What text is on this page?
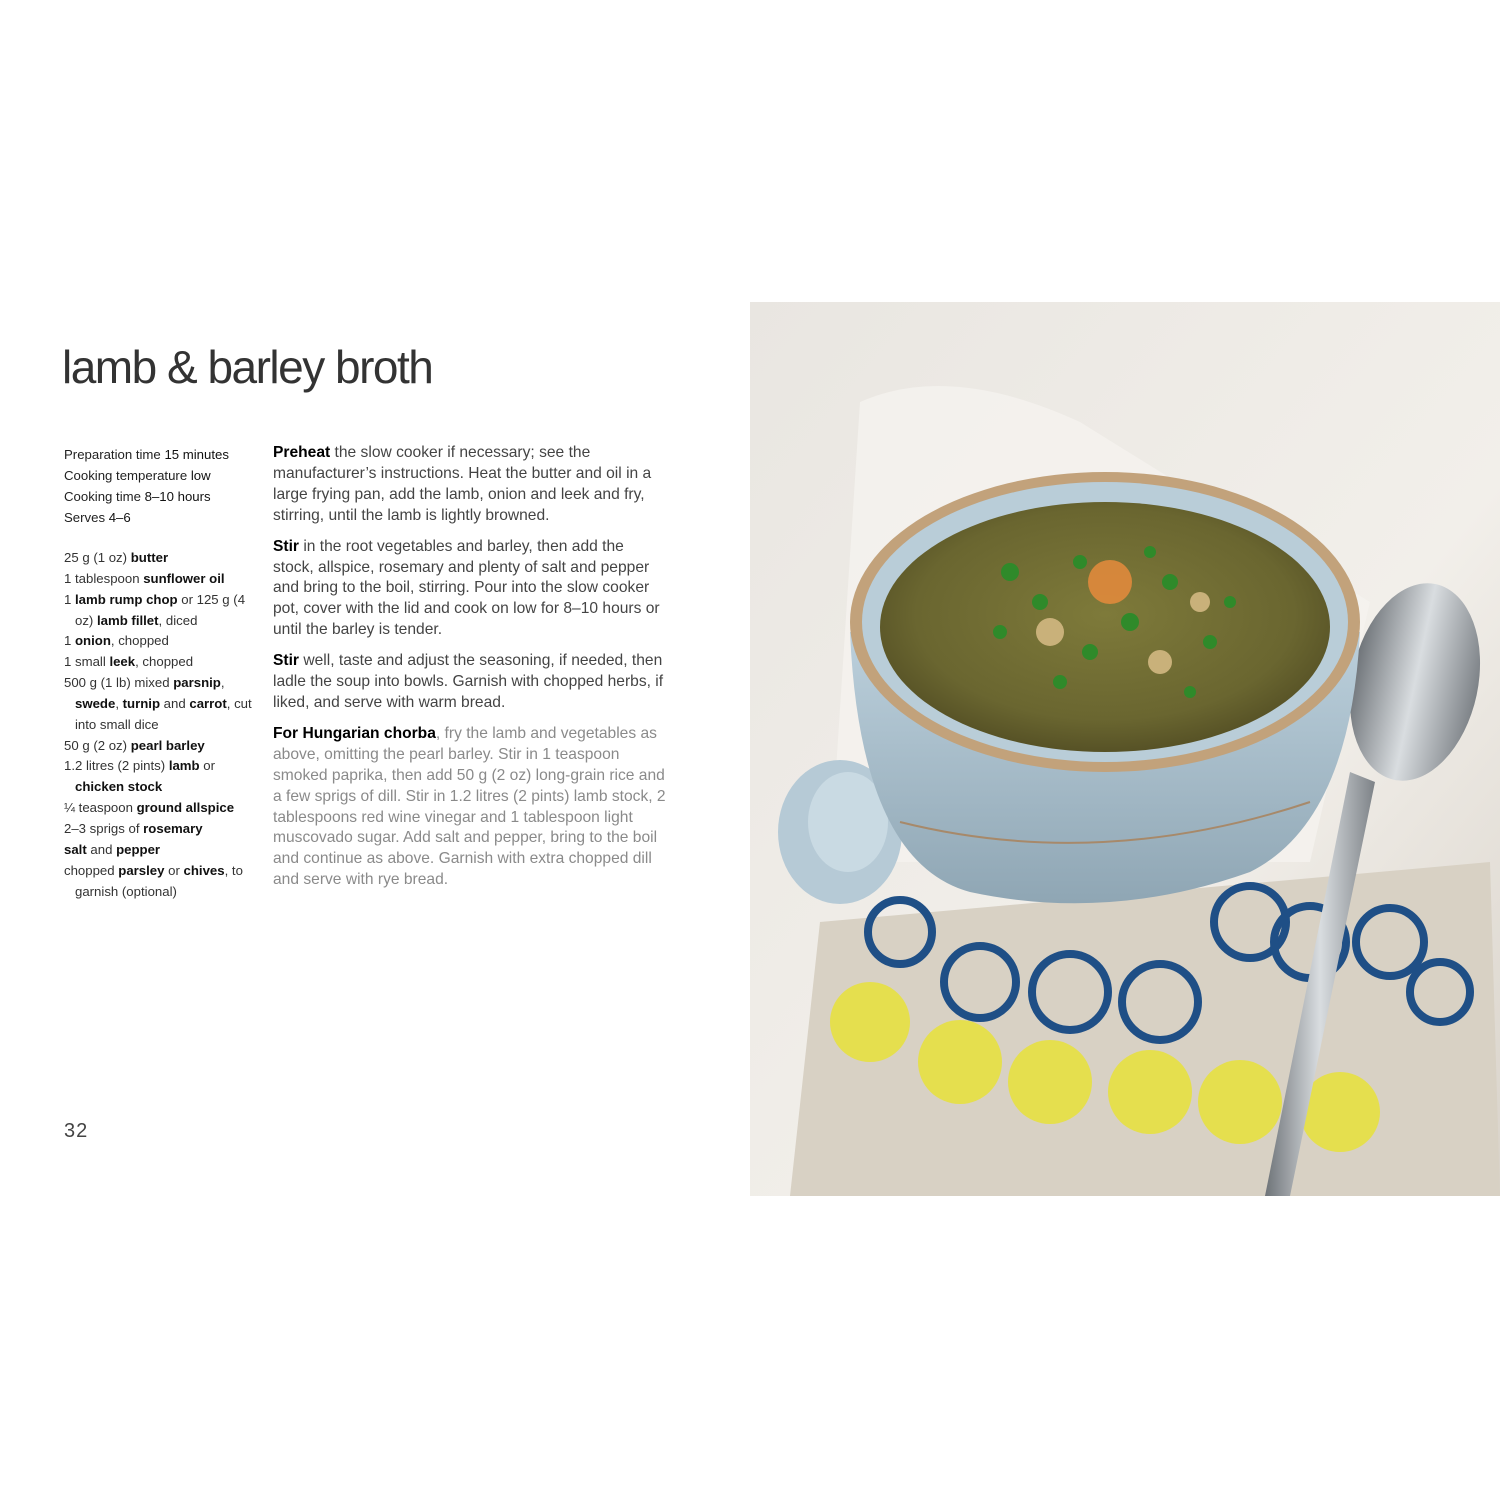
lamb & barley broth
Preparation time 15 minutes
Cooking temperature low
Cooking time 8–10 hours
Serves 4–6
25 g (1 oz) butter
1 tablespoon sunflower oil
1 lamb rump chop or 125 g (4 oz) lamb fillet, diced
1 onion, chopped
1 small leek, chopped
500 g (1 lb) mixed parsnip, swede, turnip and carrot, cut into small dice
50 g (2 oz) pearl barley
1.2 litres (2 pints) lamb or chicken stock
¼ teaspoon ground allspice
2–3 sprigs of rosemary
salt and pepper
chopped parsley or chives, to garnish (optional)

Preheat the slow cooker if necessary; see the manufacturer’s instructions. Heat the butter and oil in a large frying pan, add the lamb, onion and leek and fry, stirring, until the lamb is lightly browned.

Stir in the root vegetables and barley, then add the stock, allspice, rosemary and plenty of salt and pepper and bring to the boil, stirring. Pour into the slow cooker pot, cover with the lid and cook on low for 8–10 hours or until the barley is tender.

Stir well, taste and adjust the seasoning, if needed, then ladle the soup into bowls. Garnish with chopped herbs, if liked, and serve with warm bread.

For Hungarian chorba, fry the lamb and vegetables as above, omitting the pearl barley. Stir in 1 teaspoon smoked paprika, then add 50 g (2 oz) long-grain rice and a few sprigs of dill. Stir in 1.2 litres (2 pints) lamb stock, 2 tablespoons red wine vinegar and 1 tablespoon light muscovado sugar. Add salt and pepper, bring to the boil and continue as above. Garnish with extra chopped dill and serve with rye bread.

32
